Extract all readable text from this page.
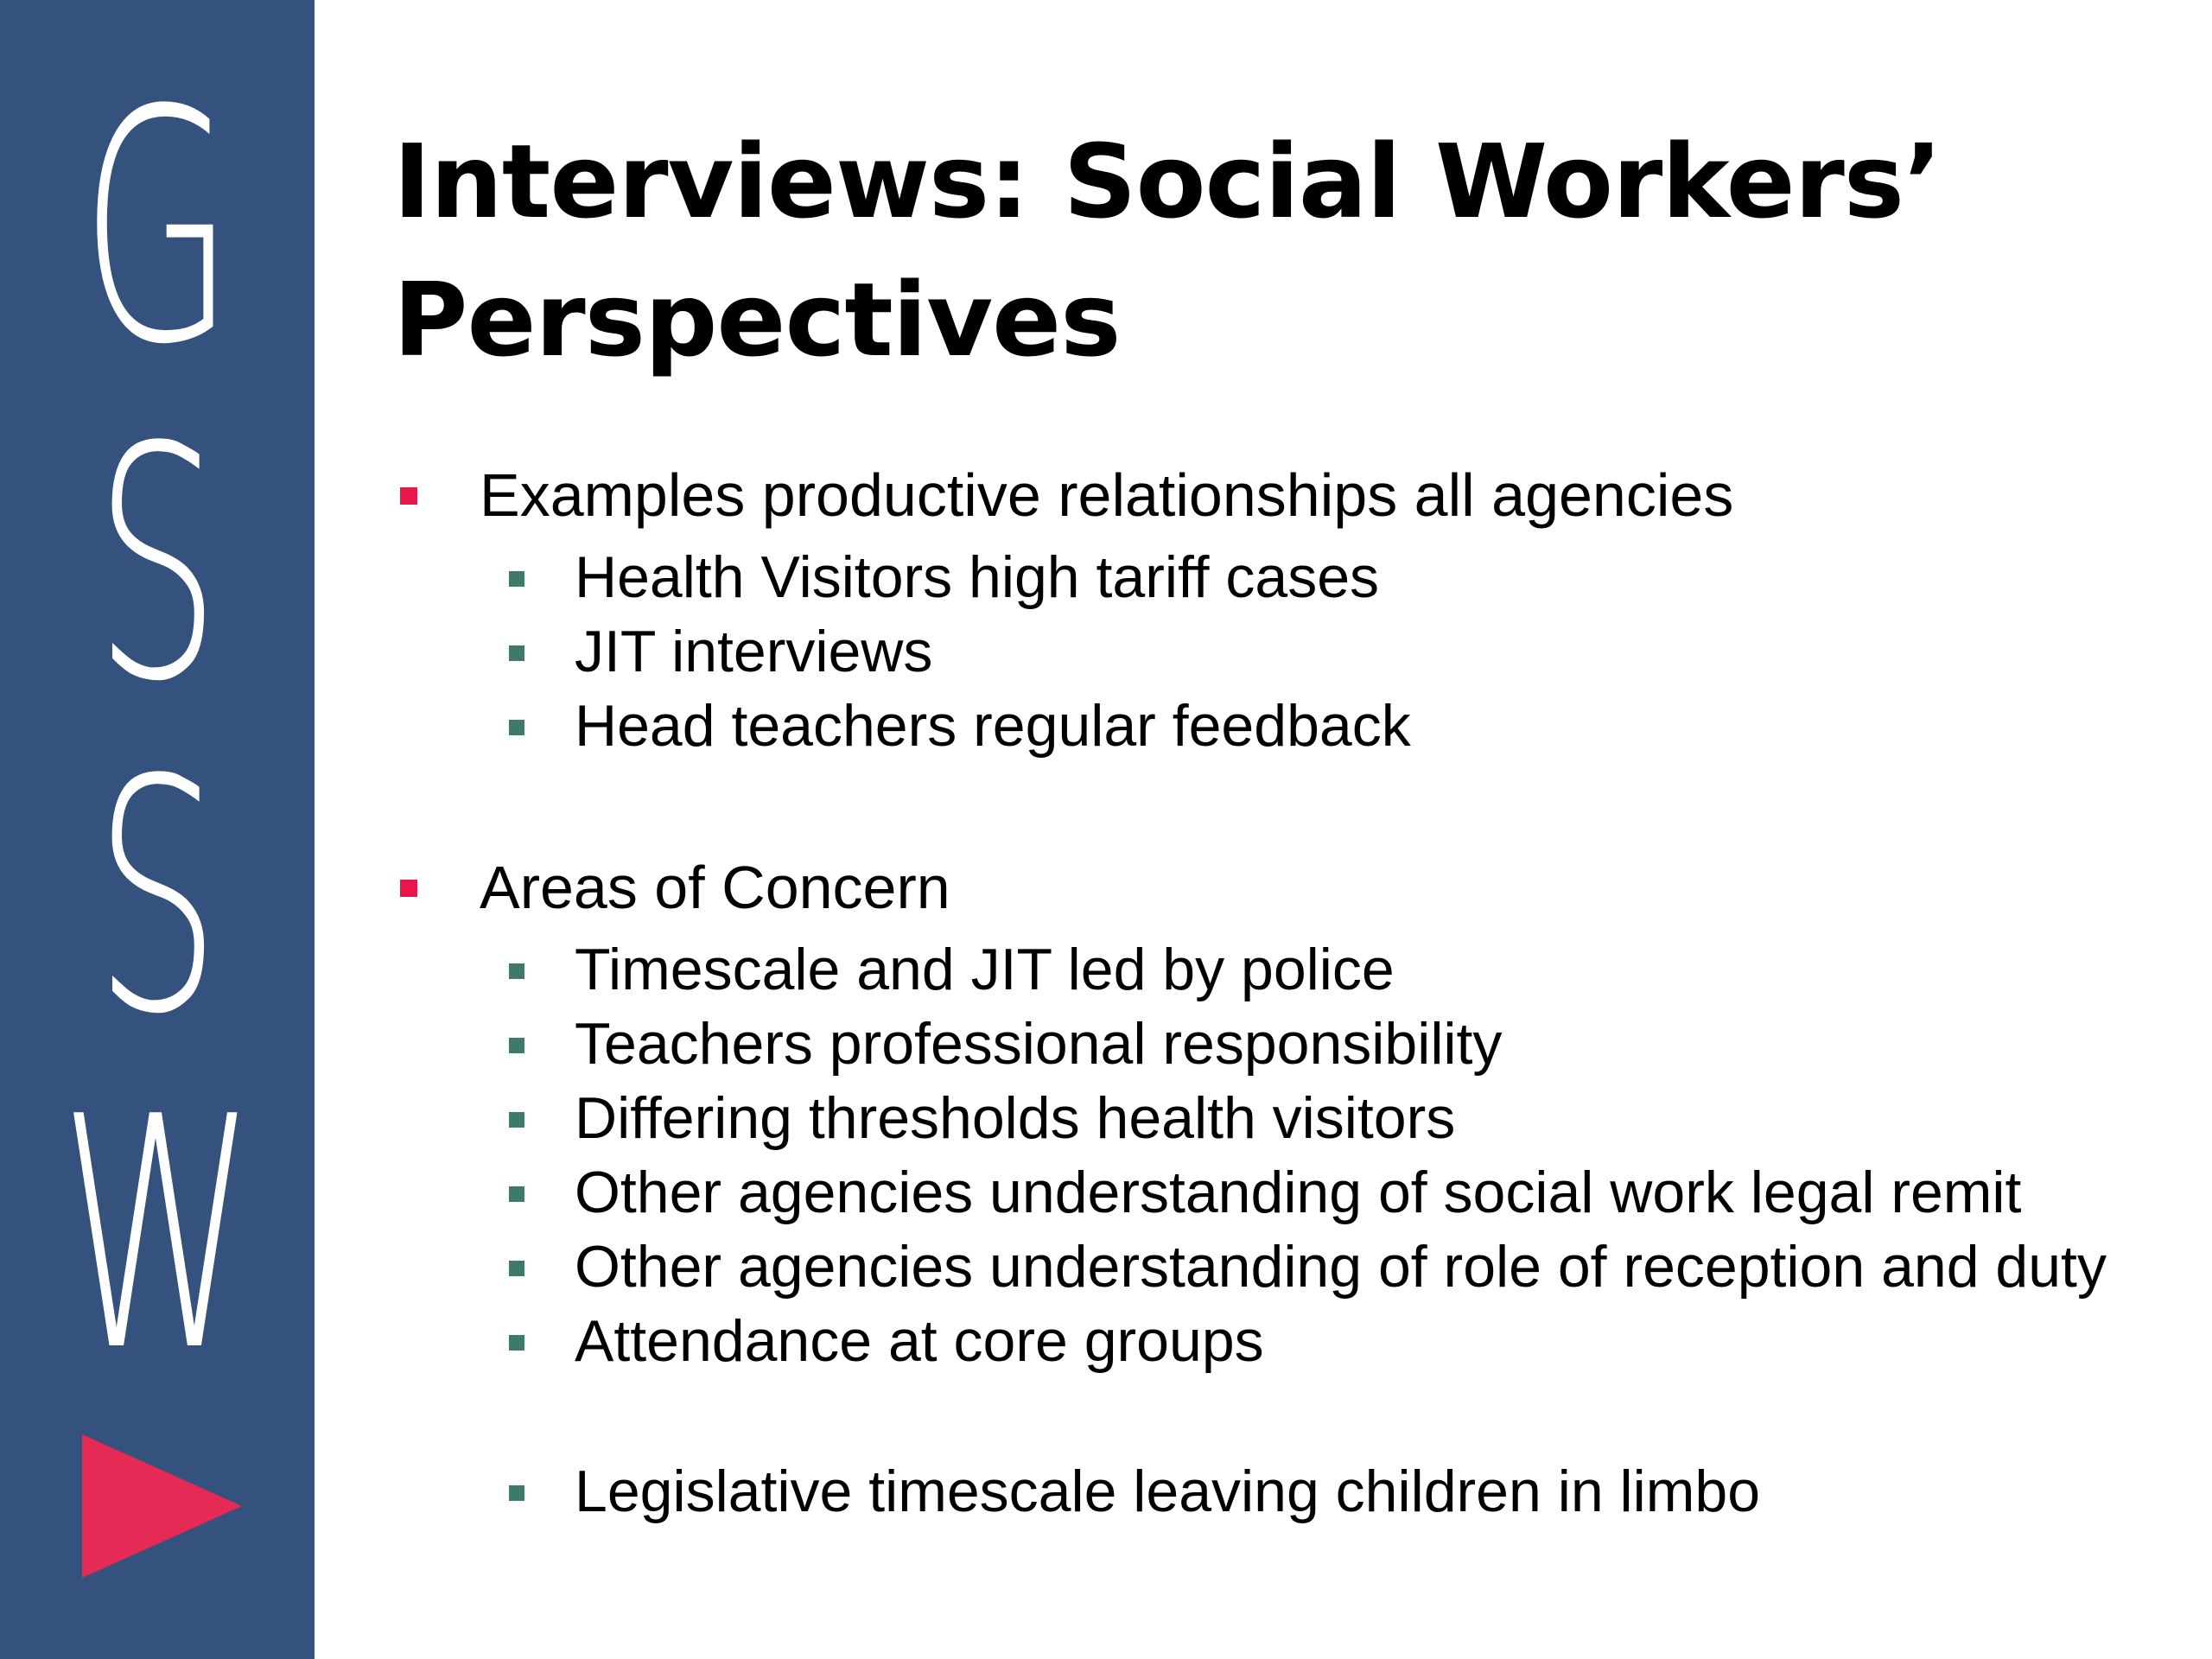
G
S
S
W
Interviews: Social Workers’ Perspectives
Examples productive relationships all agencies
Health Visitors high tariff cases
JIT interviews
Head teachers regular feedback
Areas of Concern
Timescale and JIT led by police
Teachers professional responsibility
Differing thresholds health visitors
Other agencies understanding of social work legal remit
Other agencies understanding of role of reception and duty
Attendance at core groups
Legislative timescale leaving children in limbo
